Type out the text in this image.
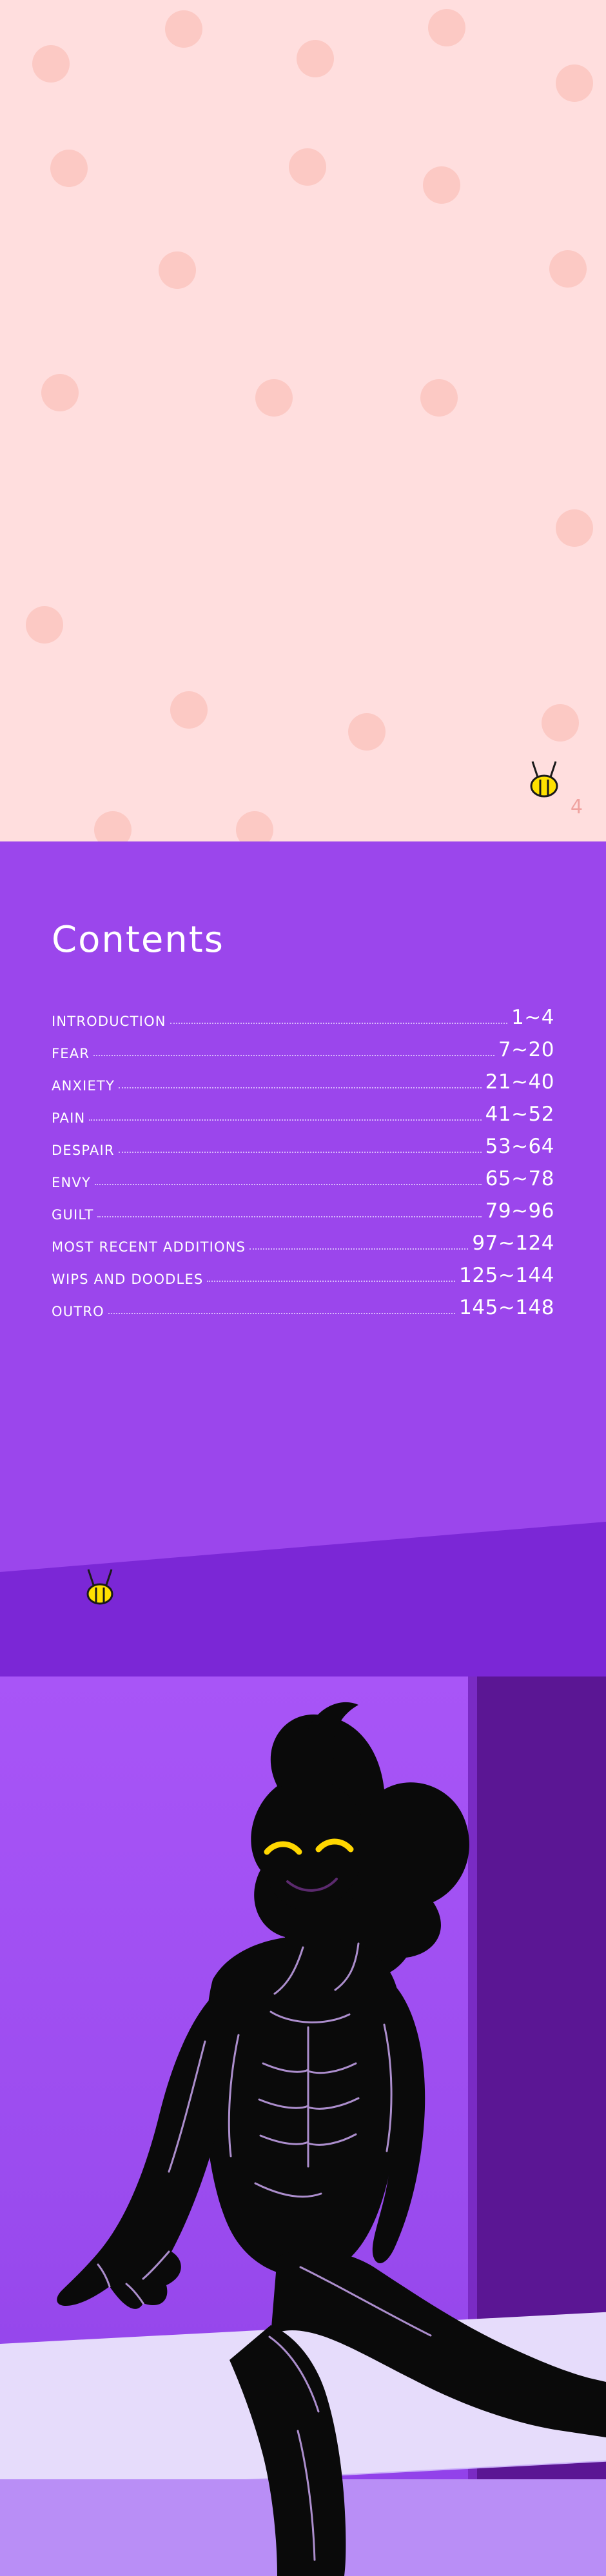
4
Contents
INTRODUCTION	1~4
FEAR	7~20
ANXIETY	21~40
PAIN	41~52
DESPAIR	53~64
ENVY	65~78
GUILT	79~96
MOST RECENT ADDITIONS	97~124
WIPS AND DOODLES	125~144
OUTRO	145~148
